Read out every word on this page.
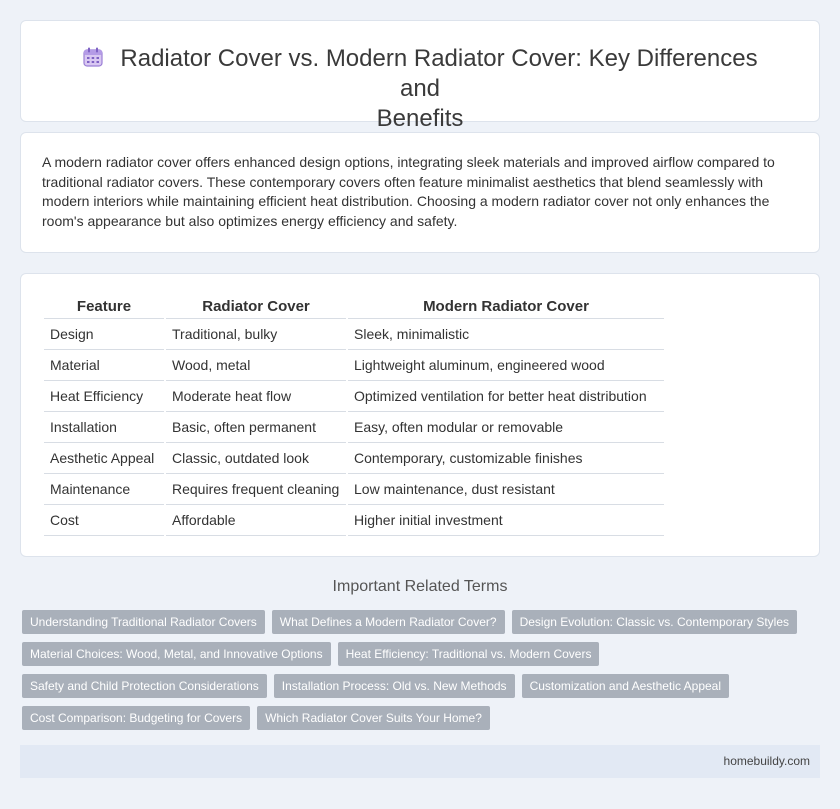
Radiator Cover vs. Modern Radiator Cover: Key Differences and
Benefits

A modern radiator cover offers enhanced design options, integrating sleek materials and improved airflow compared to traditional radiator covers. These contemporary covers often feature minimalist aesthetics that blend seamlessly with modern interiors while maintaining efficient heat distribution. Choosing a modern radiator cover not only enhances the room's appearance but also optimizes energy efficiency and safety.

Feature	Radiator Cover	Modern Radiator Cover
Design	Traditional, bulky	Sleek, minimalistic
Material	Wood, metal	Lightweight aluminum, engineered wood
Heat Efficiency	Moderate heat flow	Optimized ventilation for better heat distribution
Installation	Basic, often permanent	Easy, often modular or removable
Aesthetic Appeal	Classic, outdated look	Contemporary, customizable finishes
Maintenance	Requires frequent cleaning	Low maintenance, dust resistant
Cost	Affordable	Higher initial investment
Important Related Terms
Understanding Traditional Radiator Covers	What Defines a Modern Radiator Cover?	Design Evolution: Classic vs. Contemporary Styles
Material Choices: Wood, Metal, and Innovative Options	Heat Efficiency: Traditional vs. Modern Covers
Safety and Child Protection Considerations	Installation Process: Old vs. New Methods	Customization and Aesthetic Appeal
Cost Comparison: Budgeting for Covers	Which Radiator Cover Suits Your Home?
homebuildy.com
